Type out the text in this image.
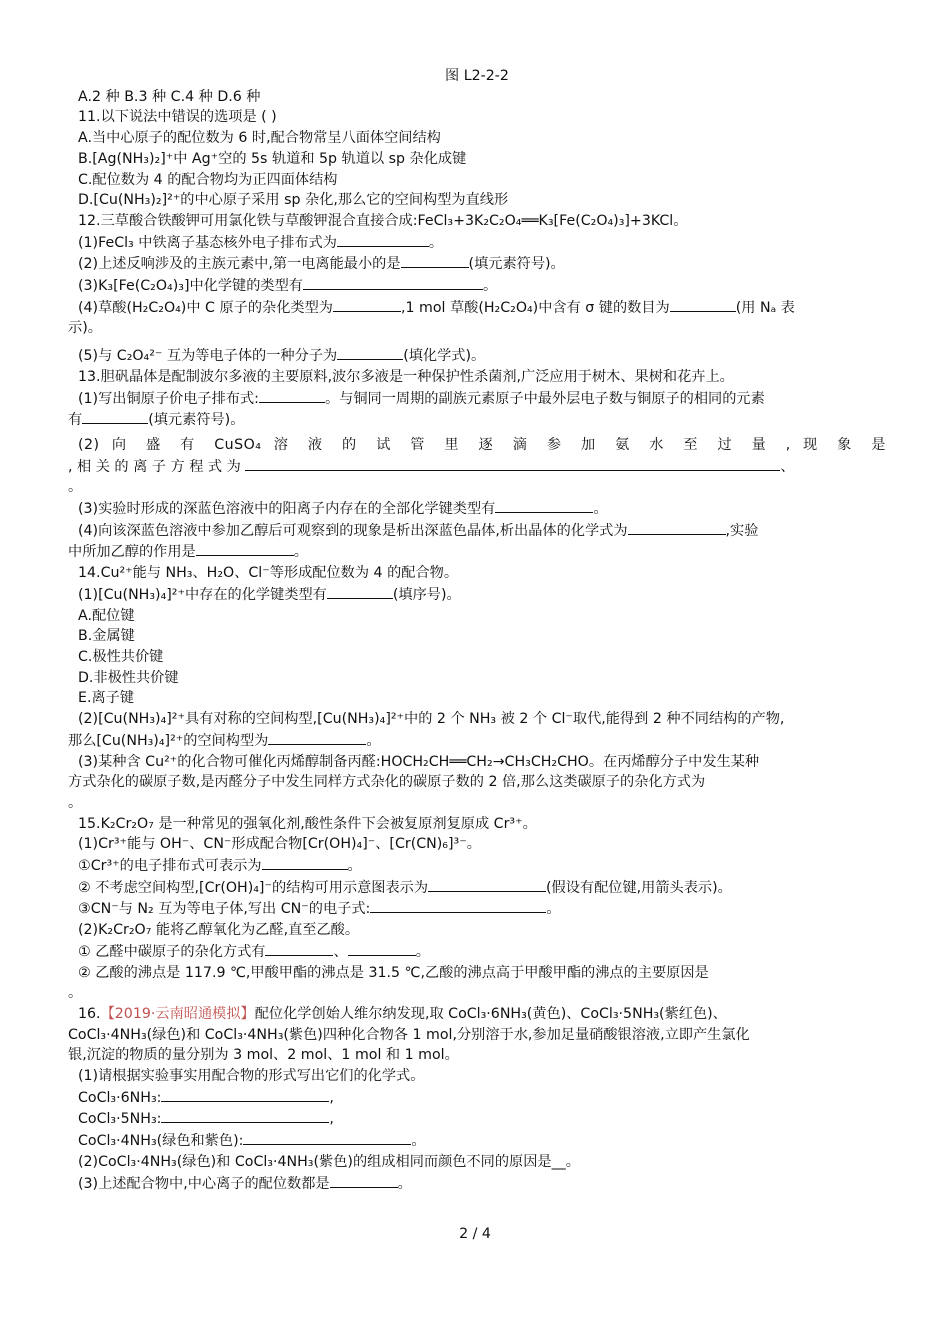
图 L2-2-2
A.2 种 B.3 种 C.4 种 D.6 种
11.以下说法中错误的选项是 ( )
A.当中心原子的配位数为 6 时,配合物常呈八面体空间结构
B.[Ag(NH₃)₂]⁺中 Ag⁺空的 5s 轨道和 5p 轨道以 sp 杂化成键
C.配位数为 4 的配合物均为正四面体结构
D.[Cu(NH₃)₂]²⁺的中心原子采用 sp 杂化,那么它的空间构型为直线形
12.三草酸合铁酸钾可用氯化铁与草酸钾混合直接合成:FeCl₃+3K₂C₂O₄══K₃[Fe(C₂O₄)₃]+3KCl。
(1)FeCl₃ 中铁离子基态核外电子排布式为	。
(2)上述反响涉及的主族元素中,第一电离能最小的是	(填元素符号)。
(3)K₃[Fe(C₂O₄)₃]中化学键的类型有	。
(4)草酸(H₂C₂O₄)中 C 原子的杂化类型为	,1 mol 草酸(H₂C₂O₄)中含有 σ 键的数目为	(用 Nₐ 表
示)。
(5)与 C₂O₄²⁻ 互为等电子体的一种分子为	(填化学式)。
13.胆矾晶体是配制波尔多液的主要原料,波尔多液是一种保护性杀菌剂,广泛应用于树木、果树和花卉上。
(1)写出铜原子价电子排布式:	。与铜同一周期的副族元素原子中最外层电子数与铜原子的相同的元素
有	(填元素符号)。
(2) 向 盛 有 CuSO₄ 溶 液 的 试 管 里 逐 滴 参 加 氨 水 至 过 量 , 现 象 是
, 相 关 的 离 子 方 程 式 为	、
。
(3)实验时形成的深蓝色溶液中的阳离子内存在的全部化学键类型有	。
(4)向该深蓝色溶液中参加乙醇后可观察到的现象是析出深蓝色晶体,析出晶体的化学式为	,实验
中所加乙醇的作用是	。
14.Cu²⁺能与 NH₃、H₂O、Cl⁻等形成配位数为 4 的配合物。
(1)[Cu(NH₃)₄]²⁺中存在的化学键类型有	(填序号)。
A.配位键
B.金属键
C.极性共价键
D.非极性共价键
E.离子键
(2)[Cu(NH₃)₄]²⁺具有对称的空间构型,[Cu(NH₃)₄]²⁺中的 2 个 NH₃ 被 2 个 Cl⁻取代,能得到 2 种不同结构的产物,
那么[Cu(NH₃)₄]²⁺的空间构型为	。
(3)某种含 Cu²⁺的化合物可催化丙烯醇制备丙醛:HOCH₂CH══CH₂→CH₃CH₂CHO。在丙烯醇分子中发生某种
方式杂化的碳原子数,是丙醛分子中发生同样方式杂化的碳原子数的 2 倍,那么这类碳原子的杂化方式为
。
15.K₂Cr₂O₇ 是一种常见的强氧化剂,酸性条件下会被复原剂复原成 Cr³⁺。
(1)Cr³⁺能与 OH⁻、CN⁻形成配合物[Cr(OH)₄]⁻、[Cr(CN)₆]³⁻。
①Cr³⁺的电子排布式可表示为	。
② 不考虑空间构型,[Cr(OH)₄]⁻的结构可用示意图表示为	(假设有配位键,用箭头表示)。
③CN⁻与 N₂ 互为等电子体,写出 CN⁻的电子式:	。
(2)K₂Cr₂O₇ 能将乙醇氧化为乙醛,直至乙酸。
① 乙醛中碳原子的杂化方式有	、	。
② 乙酸的沸点是 117.9 ℃,甲酸甲酯的沸点是 31.5 ℃,乙酸的沸点高于甲酸甲酯的沸点的主要原因是
。
16.【2019·云南昭通模拟】配位化学创始人维尔纳发现,取 CoCl₃·6NH₃(黄色)、CoCl₃·5NH₃(紫红色)、
CoCl₃·4NH₃(绿色)和 CoCl₃·4NH₃(紫色)四种化合物各 1 mol,分别溶于水,参加足量硝酸银溶液,立即产生氯化
银,沉淀的物质的量分别为 3 mol、2 mol、1 mol 和 1 mol。
(1)请根据实验事实用配合物的形式写出它们的化学式。
CoCl₃·6NH₃:	,
CoCl₃·5NH₃:	,
CoCl₃·4NH₃(绿色和紫色):	。
(2)CoCl₃·4NH₃(绿色)和 CoCl₃·4NH₃(紫色)的组成相同而颜色不同的原因是__。
(3)上述配合物中,中心离子的配位数都是	。
2 / 4
